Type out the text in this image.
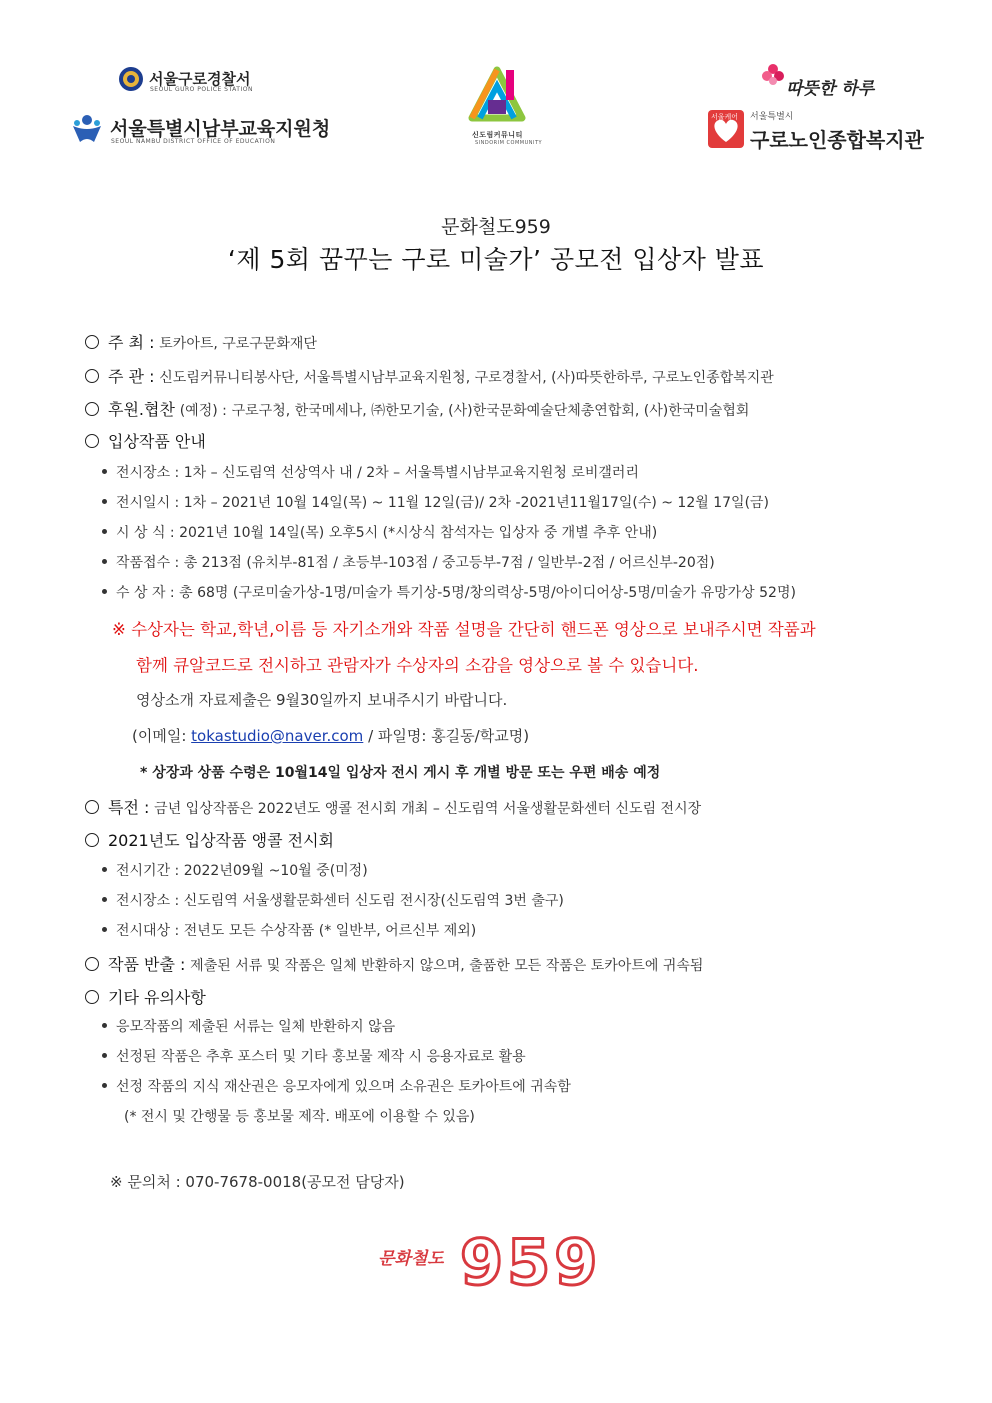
서울구로경찰서
SEOUL GURO POLICE STATION
서울특별시남부교육지원청
SEOUL NAMBU DISTRICT OFFICE OF EDUCATION
신도림커뮤니티
SINDORIM COMMUNITY
따뜻한 하루
서울케어 서울특별시
구로노인종합복지관
문화철도959
‘제 5회 꿈꾸는 구로 미술가’ 공모전 입상자 발표
주 최 : 토카아트, 구로구문화재단
주 관 : 신도림커뮤니티봉사단, 서울특별시남부교육지원청, 구로경찰서, (사)따뜻한하루, 구로노인종합복지관
후원.협찬 (예정) : 구로구청, 한국메세나, ㈜한모기술, (사)한국문화예술단체총연합회, (사)한국미술협회
입상작품 안내
전시장소 : 1차 – 신도림역 선상역사 내 / 2차 – 서울특별시남부교육지원청 로비갤러리
전시일시 : 1차 – 2021년 10월 14일(목) ~ 11월 12일(금)/ 2차 -2021년11월17일(수) ~ 12월 17일(금)
시 상 식 : 2021년 10월 14일(목) 오후5시 (*시상식 참석자는 입상자 중 개별 추후 안내)
작품접수 : 총 213점 (유치부-81점 / 초등부-103점 / 중고등부-7점 / 일반부-2점 / 어르신부-20점)
수 상 자 : 총 68명 (구로미술가상-1명/미술가 특기상-5명/창의력상-5명/아이디어상-5명/미술가 유망가상 52명)
※ 수상자는 학교,학년,이름 등 자기소개와 작품 설명을 간단히 핸드폰 영상으로 보내주시면 작품과
함께 큐알코드로 전시하고 관람자가 수상자의 소감을 영상으로 볼 수 있습니다.
영상소개 자료제출은 9월30일까지 보내주시기 바랍니다.
(이메일: tokastudio@naver.com / 파일명: 홍길동/학교명)
* 상장과 상품 수령은 10월14일 입상자 전시 게시 후 개별 방문 또는 우편 배송 예정
특전 : 금년 입상작품은 2022년도 앵콜 전시회 개최 – 신도림역 서울생활문화센터 신도림 전시장
2021년도 입상작품 앵콜 전시회
전시기간 : 2022년09월 ~10월 중(미정)
전시장소 : 신도림역 서울생활문화센터 신도림 전시장(신도림역 3번 출구)
전시대상 : 전년도 모든 수상작품 (* 일반부, 어르신부 제외)
작품 반출 : 제출된 서류 및 작품은 일체 반환하지 않으며, 출품한 모든 작품은 토카아트에 귀속됨
기타 유의사항
응모작품의 제출된 서류는 일체 반환하지 않음
선정된 작품은 추후 포스터 및 기타 홍보물 제작 시 응용자료로 활용
선정 작품의 지식 재산권은 응모자에게 있으며 소유권은 토카아트에 귀속함
(* 전시 및 간행물 등 홍보물 제작. 배포에 이용할 수 있음)
※ 문의처 : 070-7678-0018(공모전 담당자)
문화철도 959
